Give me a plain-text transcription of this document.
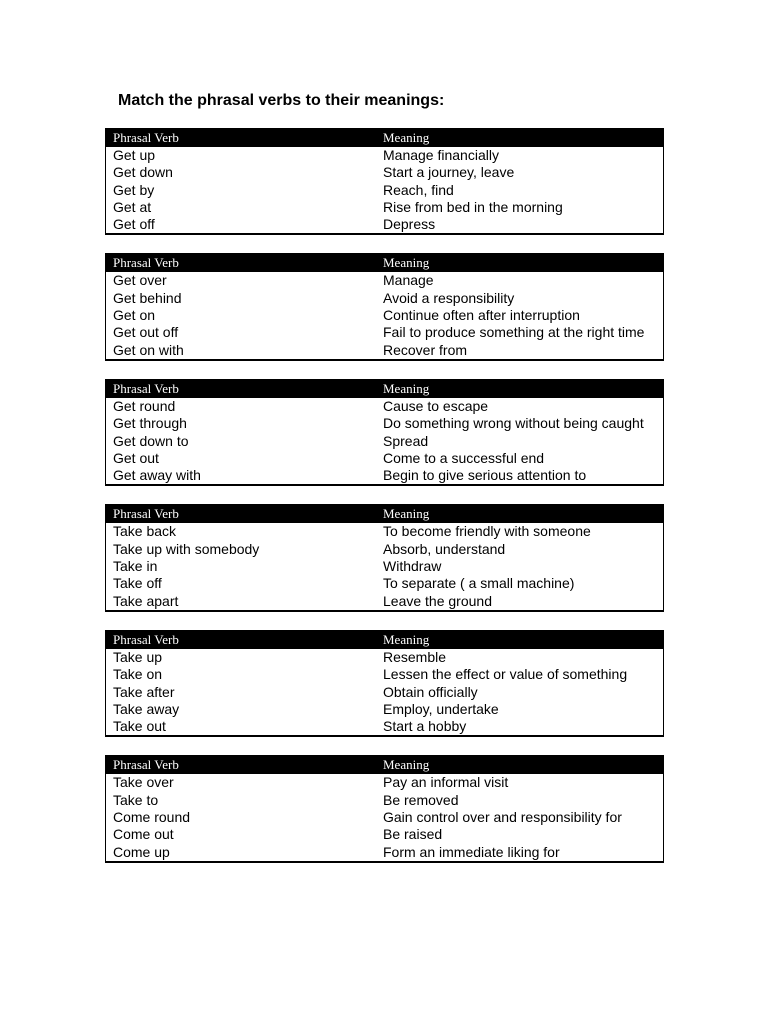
Match the phrasal verbs to their meanings:
Phrasal Verb	Meaning
Get up	Manage financially
Get down	Start a journey, leave
Get by	Reach, find
Get at	Rise from bed in the morning
Get off	Depress
Phrasal Verb	Meaning
Get over	Manage
Get behind	Avoid a responsibility
Get on	Continue often after interruption
Get out off	Fail to produce something at the right time
Get on with	Recover from
Phrasal Verb	Meaning
Get round	Cause to escape
Get through	Do something wrong without being caught
Get down to	Spread
Get out	Come to a successful end
Get away with	Begin to give serious attention to
Phrasal Verb	Meaning
Take back	To become friendly with someone
Take up with somebody	Absorb, understand
Take in	Withdraw
Take off	To separate ( a small machine)
Take apart	Leave the ground
Phrasal Verb	Meaning
Take up	Resemble
Take on	Lessen the effect or value of something
Take after	Obtain officially
Take away	Employ, undertake
Take out	Start a hobby
Phrasal Verb	Meaning
Take over	Pay an informal visit
Take to	Be removed
Come round	Gain control over and responsibility for
Come out	Be raised
Come up	Form an immediate liking for
